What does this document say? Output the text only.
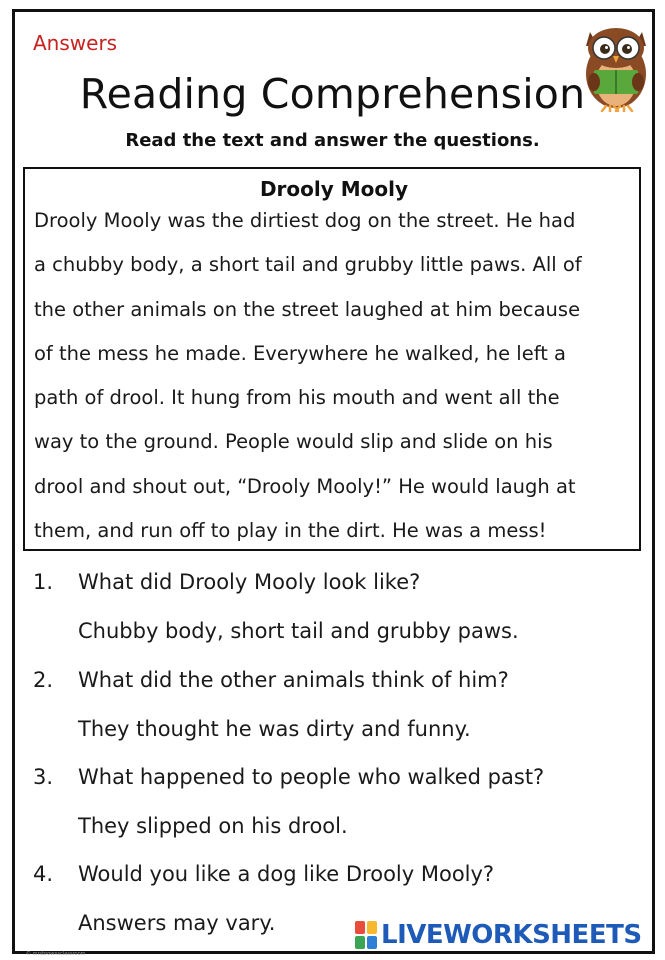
Answers
Reading Comprehension
Read the text and answer the questions.
Drooly Mooly
Drooly Mooly was the dirtiest dog on the street. He had
a chubby body, a short tail and grubby little paws. All of
the other animals on the street laughed at him because
of the mess he made. Everywhere he walked, he left a
path of drool. It hung from his mouth and went all the
way to the ground. People would slip and slide on his
drool and shout out, “Drooly Mooly!” He would laugh at
them, and run off to play in the dirt. He was a mess!
1. What did Drooly Mooly look like?
Chubby body, short tail and grubby paws.
2. What did the other animals think of him?
They thought he was dirty and funny.
3. What happened to people who walked past?
They slipped on his drool.
4. Would you like a dog like Drooly Mooly?
Answers may vary.	LIVEWORKSHEETS
© mrsbrownsclassroom
